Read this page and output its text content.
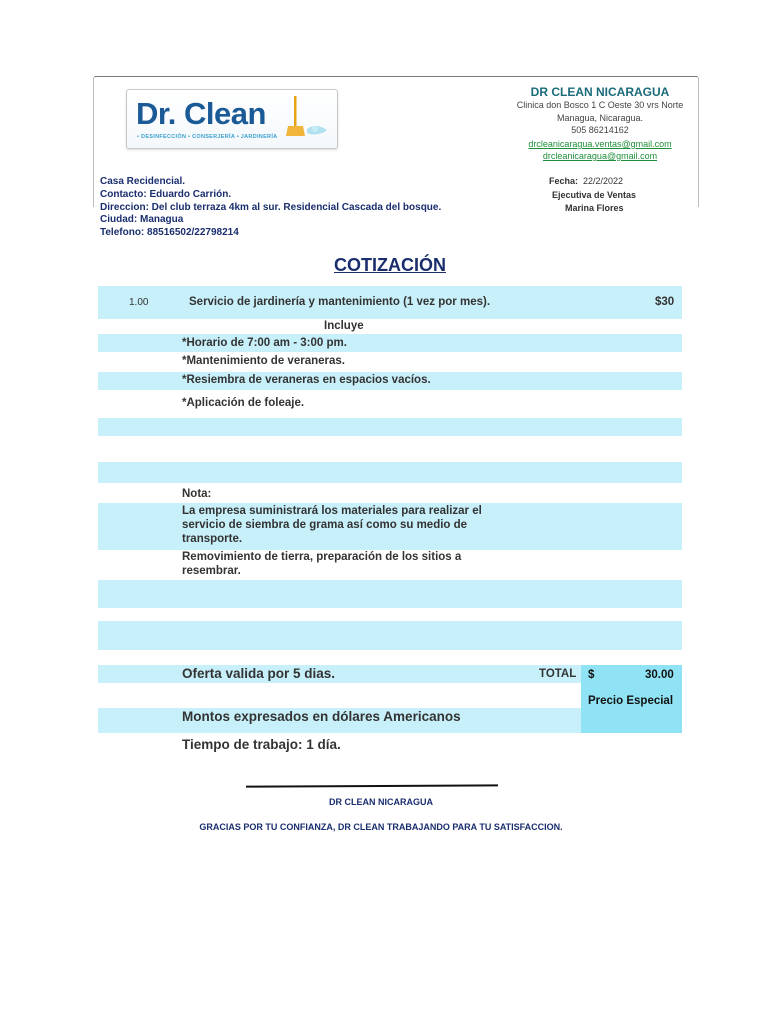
Dr. Clean
• DESINFECCIÓN • CONSERJERÍA • JARDINERÍA
DR CLEAN NICARAGUA
Clinica don Bosco 1 C Oeste 30 vrs Norte
Managua, Nicaragua.
505 86214162
drcleanicaragua.ventas@gmail.com
drcleanicaragua@gmail.com
Casa Recidencial.
Contacto: Eduardo Carrión.
Direccion: Del club terraza 4km al sur. Residencial Cascada del bosque.
Ciudad: Managua
Telefono: 88516502/22798214
Fecha: 22/2/2022
Ejecutiva de Ventas
Marina Flores
COTIZACIÓN
1.00	Servicio de jardinería y mantenimiento (1 vez por mes).	$30
Incluye
*Horario de 7:00 am - 3:00 pm.
*Mantenimiento de veraneras.
*Resiembra de veraneras en espacios vacíos.
*Aplicación de foleaje.
Nota:
La empresa suministrará los materiales para realizar el
servicio de siembra de grama así como su medio de
transporte.
Removimiento de tierra, preparación de los sitios a
resembrar.
Oferta valida por 5 dias.	TOTAL $	30.00
Precio Especial
Montos expresados en dólares Americanos
Tiempo de trabajo: 1 día.
DR CLEAN NICARAGUA
GRACIAS POR TU CONFIANZA, DR CLEAN TRABAJANDO PARA TU SATISFACCION.
